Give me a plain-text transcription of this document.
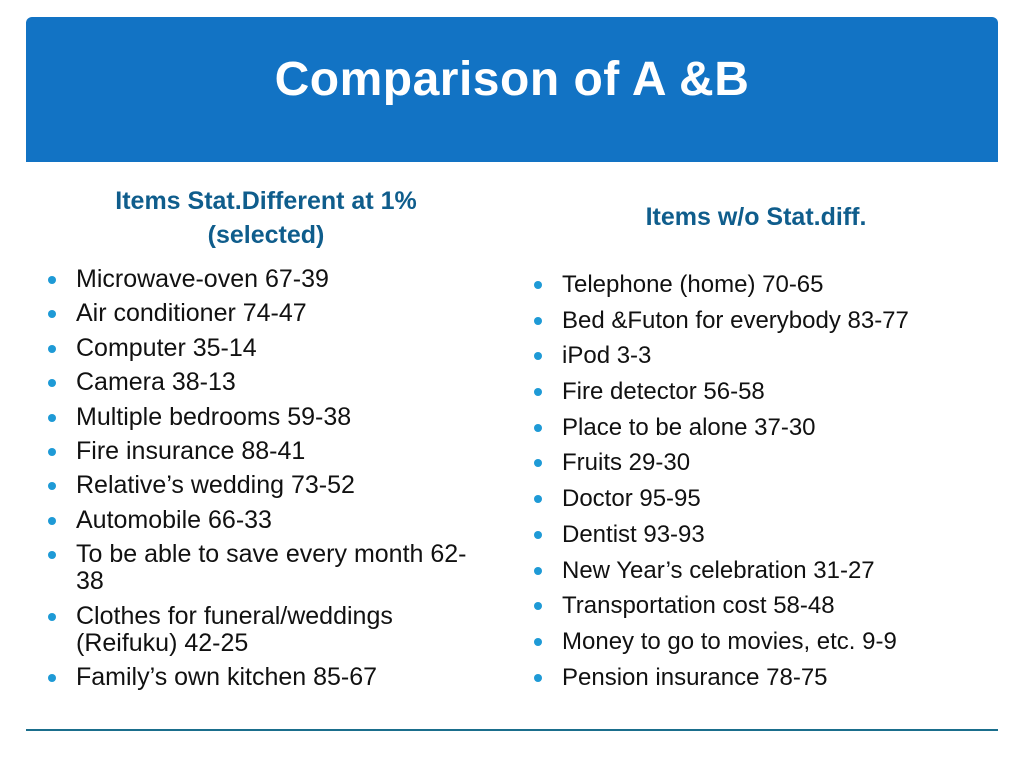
Comparison of A &B
Items Stat.Different at 1%
(selected)
Items w/o Stat.diff.
Microwave-oven 67-39
Air conditioner 74-47
Computer 35-14
Camera 38-13
Multiple bedrooms 59-38
Fire insurance 88-41
Relative’s wedding 73-52
Automobile 66-33
To be able to save every month 62-38
Clothes for funeral/weddings (Reifuku) 42-25
Family’s own kitchen 85-67
Telephone (home) 70-65
Bed &Futon for everybody 83-77
iPod 3-3
Fire detector 56-58
Place to be alone 37-30
Fruits 29-30
Doctor 95-95
Dentist 93-93
New Year’s celebration 31-27
Transportation cost 58-48
Money to go to movies, etc. 9-9
Pension insurance 78-75
